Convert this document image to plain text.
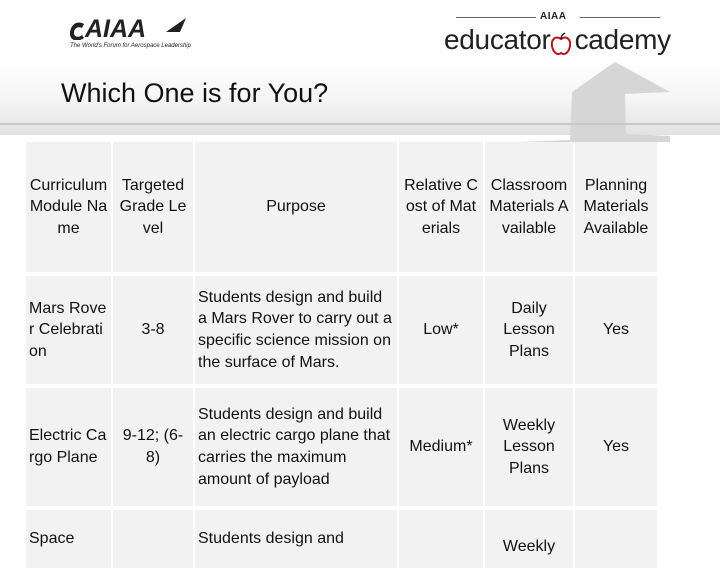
AIAA
The World's Forum for Aerospace Leadership
AIAA
educator cademy
Which One is for You?
Curriculum Module Name	Targeted Grade Level	Purpose	Relative Cost of Materials	Classroom Materials Available	Planning Materials Available
Mars Rover Celebration	3-8	Students design and build a Mars Rover to carry out a specific science mission on the surface of Mars.	Low*	Daily Lesson Plans	Yes
Electric Cargo Plane	9-12; (6-8)	Students design and build an electric cargo plane that carries the maximum amount of payload	Medium*	Weekly Lesson Plans	Yes
Space		Students design and		Weekly	
